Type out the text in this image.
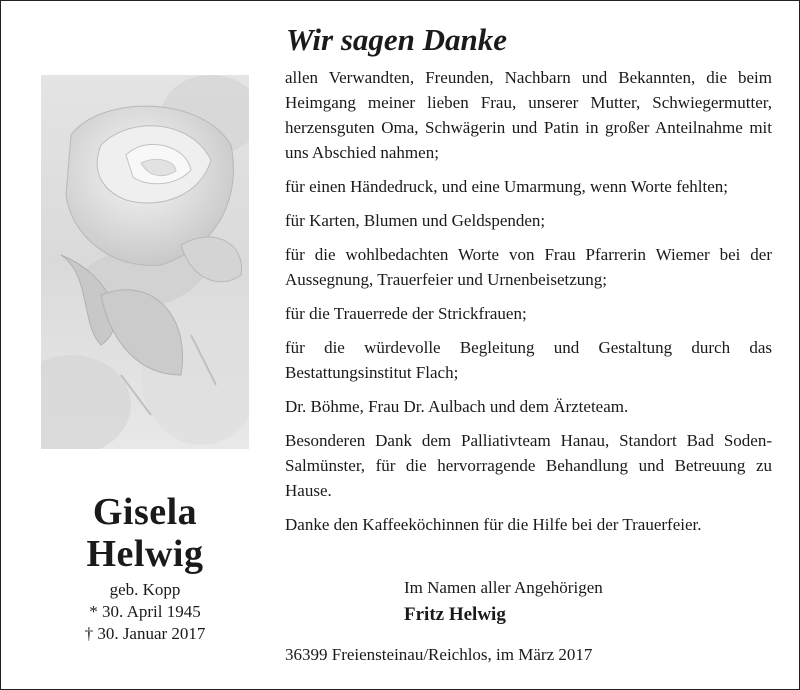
Gisela
Helwig
geb. Kopp
* 30. April 1945
† 30. Januar 2017
Wir sagen Danke

allen Verwandten, Freunden, Nachbarn und Bekannten, die beim Heimgang meiner lieben Frau, unserer Mutter, Schwiegermutter, herzensguten Oma, Schwägerin und Patin in großer Anteilnahme mit uns Abschied nahmen;

für einen Händedruck, und eine Umarmung, wenn Worte fehlten;

für Karten, Blumen und Geldspenden;

für die wohlbedachten Worte von Frau Pfarrerin Wiemer bei der Aussegnung, Trauerfeier und Urnenbeisetzung;

für die Trauerrede der Strickfrauen;

für die würdevolle Begleitung und Gestaltung durch das Bestattungsinstitut Flach;

Dr. Böhme, Frau Dr. Aulbach und dem Ärzteteam.

Besonderen Dank dem Palliativteam Hanau, Standort Bad Soden-Salmünster, für die hervorragende Behandlung und Betreuung zu Hause.

Danke den Kaffeeköchinnen für die Hilfe bei der Trauerfeier.

Im Namen aller Angehörigen
Fritz Helwig
36399 Freiensteinau/Reichlos, im März 2017
